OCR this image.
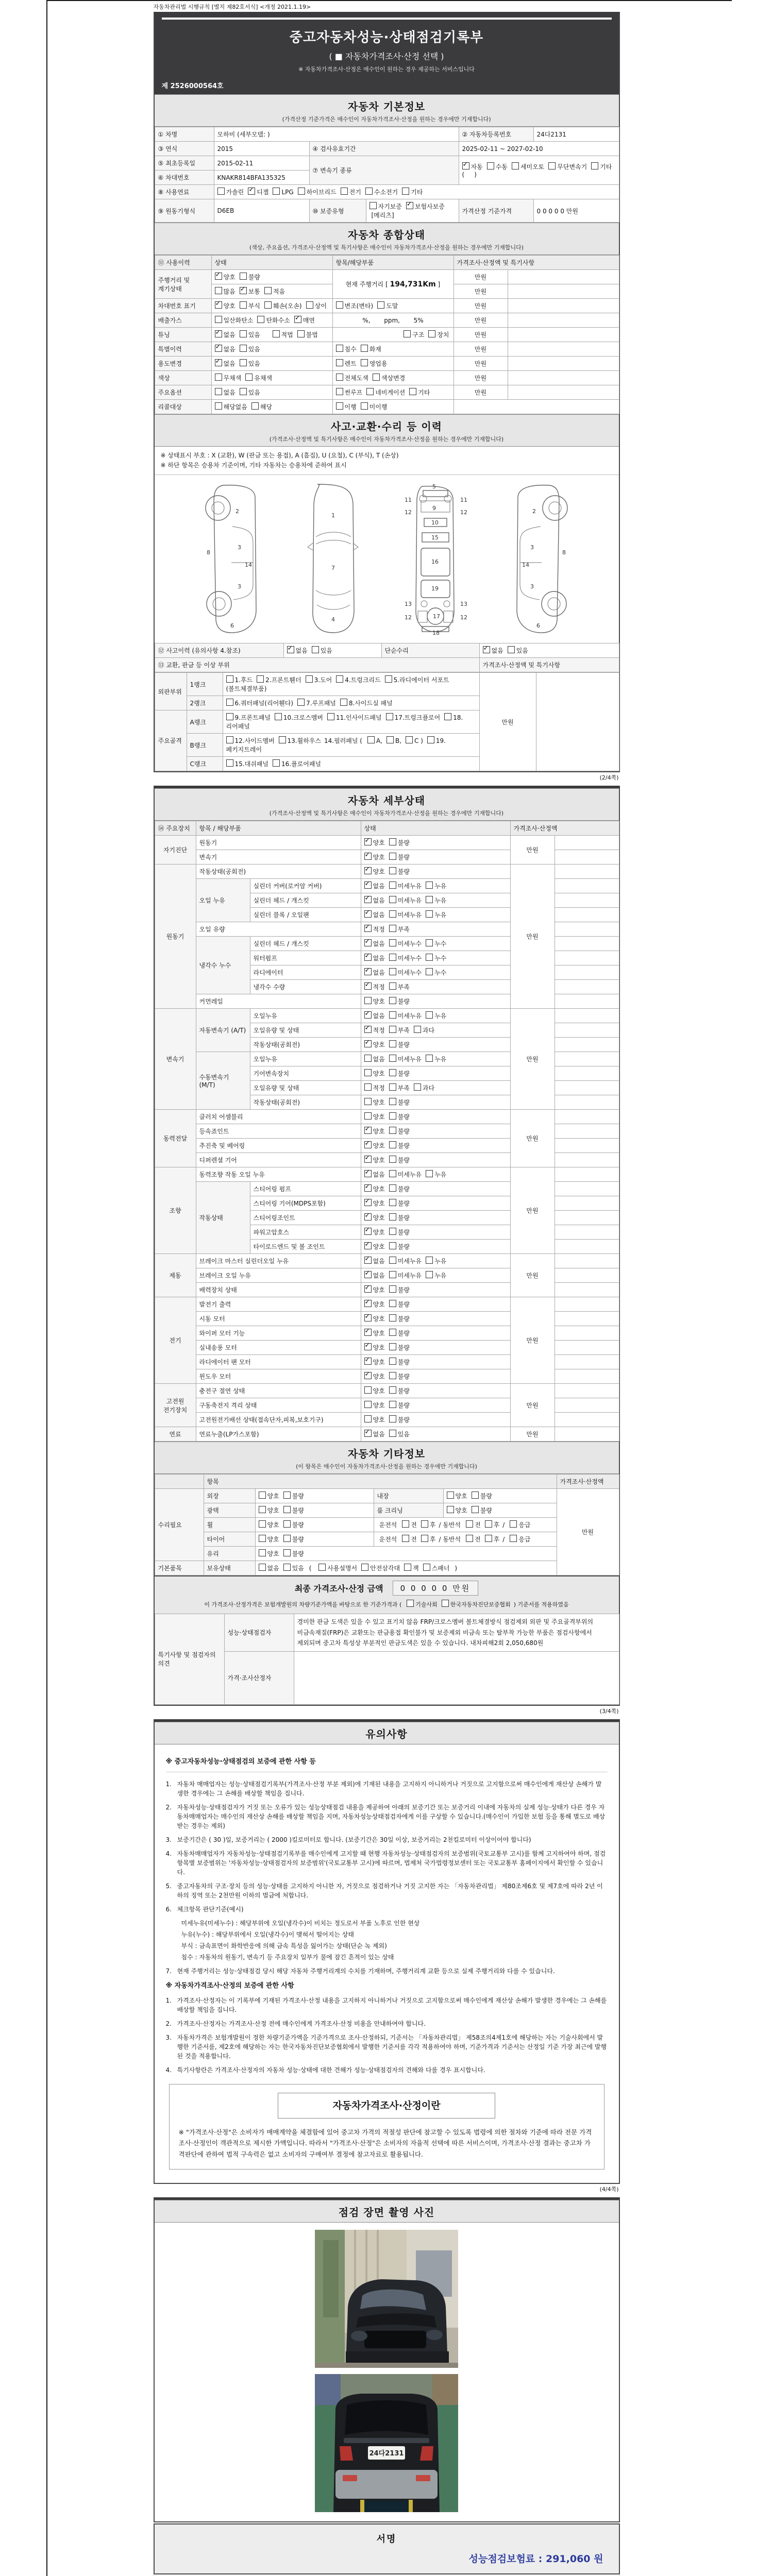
자동차관리법 시행규칙 [별지 제82호서식] <개정 2021.1.19>
중고자동차성능·상태점검기록부
( ■ 자동차가격조사·산정 선택 )
※ 자동차가격조사·산정은 매수인이 원하는 경우 제공하는 서비스입니다
제 2526000564호
자동차 기본정보
(가격산정 기준가격은 매수인이 자동차가격조사·산정을 원하는 경우에만 기재합니다)
① 차명	모하비 (세부모델: )			② 자동차등록번호	24다2131
③ 연식	2015	④ 검사유효기간		2025-02-11 ~ 2027-02-10	
⑤ 최초등록일	2015-02-11	⑦ 변속기 종류	✓자동 수동 세미오토 무단변속기 기타(     )
⑥ 차대번호	KNAKR814BFA135325				
⑧ 사용연료	가솔린 ✓ 디젤 LPG 하이브리드 전기 수소전기 기타
⑨ 원동기형식	D6EB	⑩ 보증유형	자기보증 ✓ 보험사보증[메리츠]	가격산정 기준가격	0 0 0 0 0 만원
자동차 종합상태
(색상, 주요옵션, 가격조사·산정액 및 특기사항은 매수인이 자동차가격조사·산정을 원하는 경우에만 기재합니다)
⑪ 사용이력	상태	항목/해당부품	가격조사·산정액 및 특기사항	
주행거리 및 계기상태	✓양호 불량	현재 주행거리 [ 194,731Km ]	만원	
	많음 ✓ 보통 적음		만원	
차대번호 표기	✓양호 부식 훼손(오손) 상이	변조(변타) 도말	만원	
배출가스	일산화탄소 탄화수소 ✓ 매연	%,       ppm,       5%	만원	
튜닝	✓없음 있음 적법 불법	구조 장치	만원	
특별이력	✓없음 있음	침수 화재	만원	
용도변경	✓없음 있음	렌트 영업용	만원	
색상	무채색 유채색	전체도색 색상변경	만원	
주요옵션	없음 있음	썬루프 네비게이션 기타	만원	
리콜대상	해당없음 해당	이행 미이행		
사고·교환·수리 등 이력
(가격조사·산정액 및 특기사항은 매수인이 자동차가격조사·산정을 원하는 경우에만 기재합니다)
※ 상태표시 부호 : X (교환), W (판금 또는 용접), A (흠집), U (요철), C (부식), T (손상)
※ 하단 항목은 승용차 기준이며, 기타 자동차는 승용차에 준하여 표시
2
8
3
14
3
6
1
7
4
5
11	11
12	12
9
10
15
16
19
13	13
12	12
17
18
2
8
3
14
3
6
⑫ 사고이력 (유의사항 4.참조)	✓없음 있음	단순수리	✓없음 있음
⑬ 교환, 판금 등 이상 부위			가격조사·산정액 및 특기사항
외판부위	1랭크	1.후드 2.프론트휀더 3.도어 4.트렁크리드 5.라디에이터 서포트(볼트체결부품)	만원	
	2랭크	6.쿼터패널(리어휀다) 7.루프패널 8.사이드실 패널		
주요골격	A랭크	9.프론트패널 10.크로스멤버 11.인사이드패널 17.트렁크플로어 18.리어패널		
	B랭크	12.사이드멤버 13.휠하우스 14.필러패널 ( A, B, C ) 19.페키지트레이		
	C랭크	15.대쉬패널 16.플로어패널		
(2/4쪽)
자동차 세부상태
(가격조사·산정액 및 특기사항은 매수인이 자동차가격조사·산정을 원하는 경우에만 기재합니다)
⑭ 주요장치	항목 / 해당부품		상태	가격조사·산정액	
자기진단	원동기	✓양호 불량	만원	
	변속기	✓양호 불량	
원동기	작동상태(공회전)	✓양호 불량	만원	
	오일 누유	실린더 커버(로커암 커버)	✓없음 미세누유 누유	
		실린더 헤드 / 개스킷	✓없음 미세누유 누유	
		실린더 블록 / 오일팬	✓없음 미세누유 누유	
	오일 유량	✓적정 부족	
	냉각수 누수	실린더 헤드 / 개스킷	✓없음 미세누수 누수	
		워터펌프	✓없음 미세누수 누수	
		라디에이터	✓없음 미세누수 누수	
		냉각수 수량	✓적정 부족	
	커먼레일		양호 불량		
변속기	자동변속기 (A/T)	오일누유	✓없음 미세누유 누유	만원	
		오일유량 및 상태	✓적정 부족 과다	
		작동상태(공회전)	✓양호 불량	
	수동변속기 (M/T)	오일누유	없음 미세누유 누유		
		기어변속장치	양호 불량		
		오일유량 및 상태	적정 부족 과다		
		작동상태(공회전)	양호 불량		
동력전달	클러치 어셈블리		양호 불량	만원	
	등속죠인트	✓양호 불량	
	추진축 및 베어링	✓양호 불량	
	디퍼렌셜 기어	✓양호 불량	
조향	동력조향 작동 오일 누유	✓없음 미세누유 누유	만원	
	작동상태	스티어링 펌프	✓양호 불량	
		스티어링 기어(MDPS포함)	✓양호 불량	
		스티어링조인트	✓양호 불량	
		파워고압호스	✓양호 불량	
		타이로드엔드 및 볼 조인트	✓양호 불량	
제동	브레이크 마스터 실린더오일 누유	✓없음 미세누유 누유	만원	
	브레이크 오일 누유	✓없음 미세누유 누유	
	배력장치 상태	✓양호 불량	
전기	발전기 출력	✓양호 불량	만원	
	시동 모터	✓양호 불량	
	와이퍼 모터 기능	✓양호 불량	
	실내송풍 모터	✓양호 불량	
	라디에이터 팬 모터	✓양호 불량	
	윈도우 모터	✓양호 불량	
고전원 전기장치	충전구 절연 상태		양호 불량	만원	
	구동축전지 격리 상태		양호 불량		
	고전원전기배선 상태(접속단자,피복,보호기구)		양호 불량		
연료	연료누출(LP가스포함)	✓없음 있음	만원	
자동차 기타정보
(이 항목은 매수인이 자동차가격조사·산정을 원하는 경우에만 기재합니다)
	항목				가격조사·산정액
수리필요	외장	양호 불량	내장	양호 불량	만원
	광택	양호 불량	룸 크리닝	양호 불량	
	휠	양호 불량	운전석 전 후 / 동반석 전 후 / 응급		
	타이어	양호 불량	운전석 전 후 / 동반석 전 후 / 응급		
	유리	양호 불량			
기본품목	보유상태	없음 있음 ( 사용설명서 안전삼각대 잭 스패너 )			
최종 가격조사·산정 금액	0 0 0 0 0 만원
이 가격조사·산정가격은 보험개발원의 차량기준가액을 바탕으로 한 기준가격과 ( 기술사회 한국자동차진단보증협회 ) 기준서를 적용하였음
특기사항 및 점검자의 의견	성능·상태점검자	경미한 판금 도색은 있을 수 있고 표기치 않음 FRP/크로스멤버 볼트체결방식 점검제외 외판 및 주요골격부위의 비금속재질(FRP)은 교환또는 판금용접 확인불가 및 보증제외 비금속 또는 탈부착 가능한 부품은 점검사항에서 제외되며 중고차 특성상 부분적인 판금도색은 있을 수 있습니다. 내차피해2회 2,050,680원
	가격·조사산정자	
(3/4쪽)
유의사항
※ 중고자동차성능·상태점검의 보증에 관한 사항 등
1. 자동차 매매업자는 성능·상태점검기록부(가격조사·산정 부분 제외)에 기재된 내용을 고지하지 아니하거나 거짓으로 고지함으로써 매수인에게 재산상 손해가 발생한 경우에는 그 손해를 배상할 책임을 집니다.
2. 자동차성능·상태점검자가 거짓 또는 오류가 있는 성능상태점검 내용을 제공하여 아래의 보증기간 또는 보증거리 이내에 자동차의 실제 성능·상태가 다른 경우 자동차매매업자는 매수인의 재산상 손해를 배상할 책임을 지며, 자동차성능상태점검자에게 이를 구상할 수 있습니다.(매수인이 가입한 보험 등을 통해 별도로 배상받는 경우는 제외)
3. 보증기간은 ( 30 )일, 보증거리는 ( 2000 )킬로미터로 합니다. (보증기간은 30일 이상, 보증거리는 2천킬로미터 이상이어야 합니다)
4. 자동차매매업자가 자동차성능·상태점검기록부를 매수인에게 고지할 때 현행 자동차성능·상태점검자의 보증범위(국토교통부 고시)를 함께 고지하여야 하며, 점검항목별 보증범위는 '자동차성능·상태점검자의 보증범위'(국토교통부 고시)에 따르며, 법제처 국가법령정보센터 또는 국토교통부 홈페이지에서 확인할 수 있습니다.
5. 중고자동차의 구조·장치 등의 성능·상태를 고지하지 아니한 자, 거짓으로 점검하거나 거짓 고지한 자는 「자동차관리법」 제80조제6호 및 제7호에 따라 2년 이하의 징역 또는 2천만원 이하의 벌금에 처합니다.
6. 체크항목 판단기준(예시)
미세누유(미세누수) : 해당부위에 오일(냉각수)이 비치는 정도로서 부품 노후로 인한 현상
누유(누수) : 해당부위에서 오일(냉각수)이 맺혀서 떨어지는 상태
부식 : 금속표면이 화학반응에 의해 금속 특성을 잃어가는 상태(단순 녹 제외)
침수 : 자동차의 원동기, 변속기 등 주요장치 일부가 물에 잠긴 흔적이 있는 상태
7. 현재 주행거리는 성능·상태점검 당시 해당 자동차 주행거리계의 수치를 기재하며, 주행거리계 교환 등으로 실제 주행거리와 다를 수 있습니다.
※ 자동차가격조사·산정의 보증에 관한 사항
1. 가격조사·산정자는 이 기록부에 기재된 가격조사·산정 내용을 고지하지 아니하거나 거짓으로 고지함으로써 매수인에게 재산상 손해가 발생한 경우에는 그 손해를 배상할 책임을 집니다.
2. 가격조사·산정자는 가격조사·산정 전에 매수인에게 가격조사·산정 비용을 안내하여야 합니다.
3. 자동차가격은 보험개발원이 정한 차량기준가액을 기준가격으로 조사·산정하되, 기준서는 「자동차관리법」 제58조의4제1호에 해당하는 자는 기술사회에서 발행한 기준서를, 제2호에 해당하는 자는 한국자동차진단보증협회에서 발행한 기준서를 각각 적용하여야 하며, 기준가격과 기준서는 산정일 기준 가장 최근에 발행된 것을 적용합니다.
4. 특기사항란은 가격조사·산정자의 자동차 성능·상태에 대한 견해가 성능·상태점검자의 견해와 다를 경우 표시합니다.
자동차가격조사·산정이란
※ "가격조사·산정"은 소비자가 매매계약을 체결함에 있어 중고차 가격의 적절성 판단에 참고할 수 있도록 법령에 의한 절차와 기준에 따라 전문 가격조사·산정인이 객관적으로 제시한 가액입니다. 따라서 "가격조사·산정"은 소비자의 자율적 선택에 따른 서비스이며, 가격조사·산정 결과는 중고차 가격판단에 관하여 법적 구속력은 없고 소비자의 구매여부 결정에 참고자료로 활용됩니다.
(4/4쪽)
점검 장면 촬영 사진
24다2131
서명
성능점검보험료 : 291,060 원
